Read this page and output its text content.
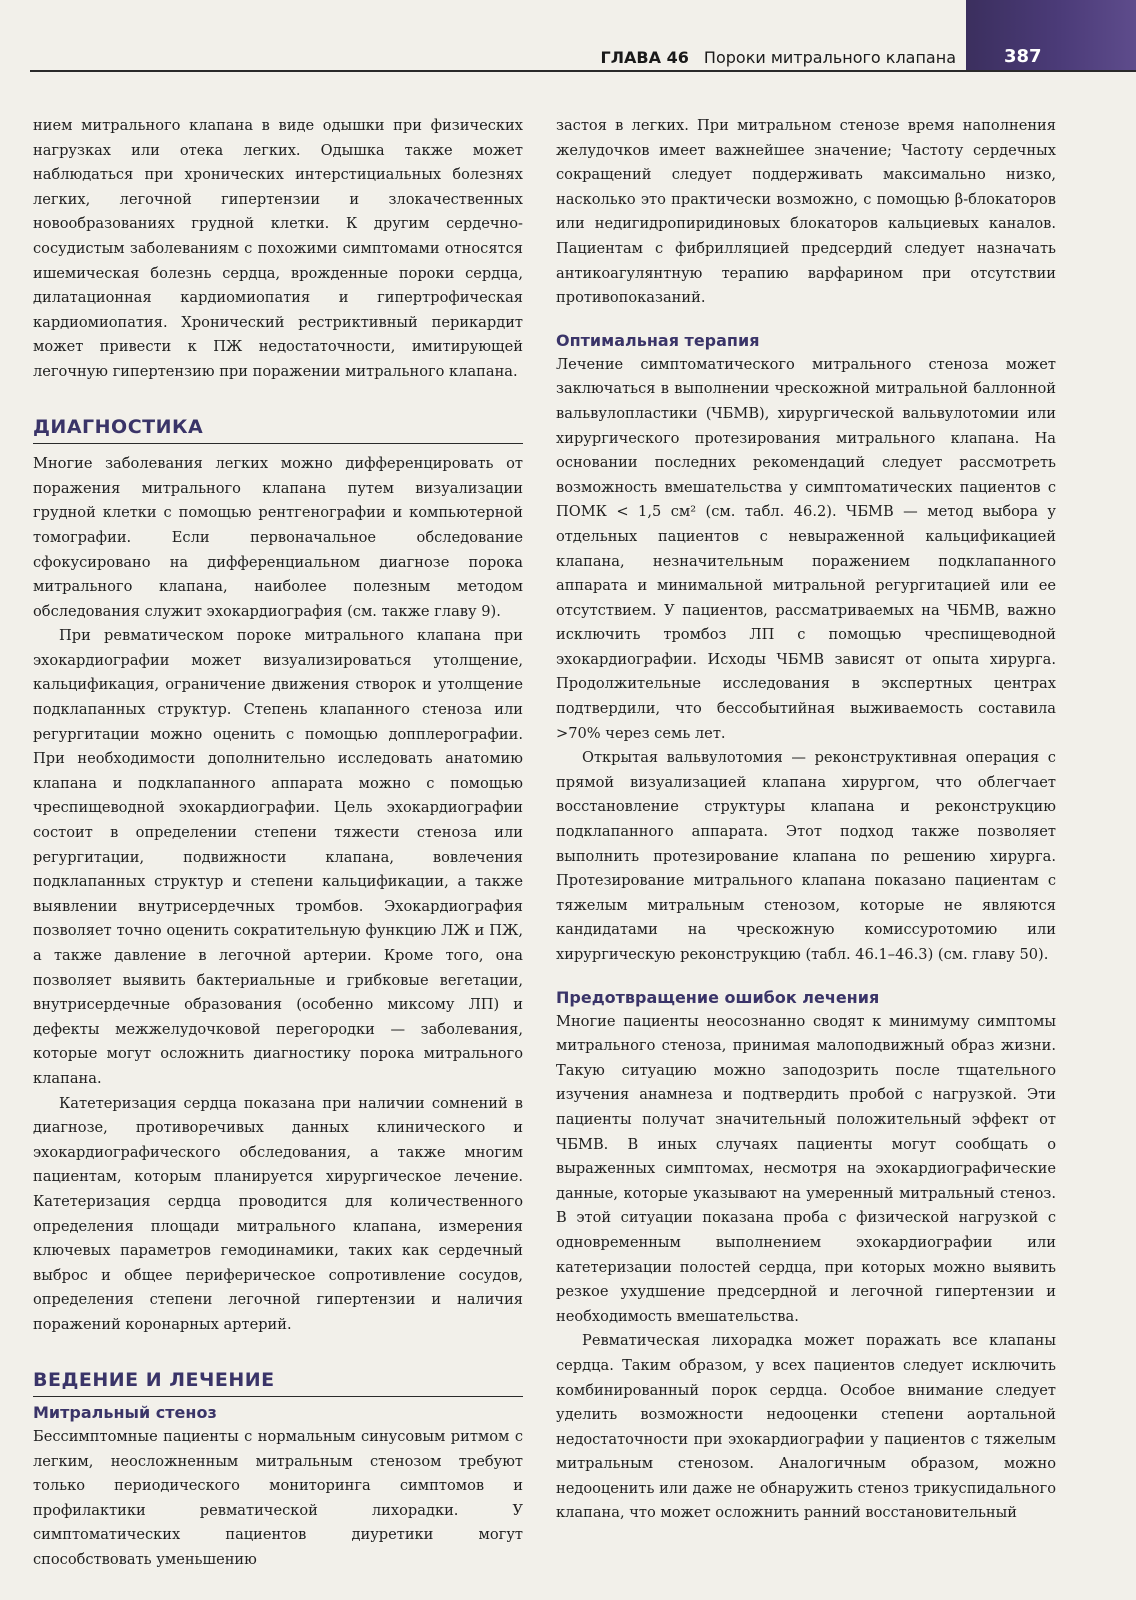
ГЛАВА 46 Пороки митрального клапана	387

нием митрального клапана в виде одышки при физических нагрузках или отека легких. Одышка также может наблюдаться при хронических интерстициальных болезнях легких, легочной гипертензии и злокачественных новообразованиях грудной клетки. К другим сердечно-сосудистым заболеваниям с похожими симптомами относятся ишемическая болезнь сердца, врожденные пороки сердца, дилатационная кардиомиопатия и гипертрофическая кардиомиопатия. Хронический рестриктивный перикардит может привести к ПЖ недостаточности, имитирующей легочную гипертензию при поражении митрального клапана.

ДИАГНОСТИКА

Многие заболевания легких можно дифференцировать от поражения митрального клапана путем визуализации грудной клетки с помощью рентгенографии и компьютерной томографии. Если первоначальное обследование сфокусировано на дифференциальном диагнозе порока митрального клапана, наиболее полезным методом обследования служит эхокардиография (см. также главу 9).

При ревматическом пороке митрального клапана при эхокардиографии может визуализироваться утолщение, кальцификация, ограничение движения створок и утолщение подклапанных структур. Степень клапанного стеноза или регургитации можно оценить с помощью допплерографии. При необходимости дополнительно исследовать анатомию клапана и подклапанного аппарата можно с помощью чреспищеводной эхокардиографии. Цель эхокардиографии состоит в определении степени тяжести стеноза или регургитации, подвижности клапана, вовлечения подклапанных структур и степени кальцификации, а также выявлении внутрисердечных тромбов. Эхокардиография позволяет точно оценить сократительную функцию ЛЖ и ПЖ, а также давление в легочной артерии. Кроме того, она позволяет выявить бактериальные и грибковые вегетации, внутрисердечные образования (особенно миксому ЛП) и дефекты межжелудочковой перегородки — заболевания, которые могут осложнить диагностику порока митрального клапана.

Катетеризация сердца показана при наличии сомнений в диагнозе, противоречивых данных клинического и эхокардиографического обследования, а также многим пациентам, которым планируется хирургическое лечение. Катетеризация сердца проводится для количественного определения площади митрального клапана, измерения ключевых параметров гемодинамики, таких как сердечный выброс и общее периферическое сопротивление сосудов, определения степени легочной гипертензии и наличия поражений коронарных артерий.

ВЕДЕНИЕ И ЛЕЧЕНИЕ
Митральный стеноз

Бессимптомные пациенты с нормальным синусовым ритмом с легким, неосложненным митральным стенозом требуют только периодического мониторинга симптомов и профилактики ревматической лихорадки. У симптоматических пациентов диуретики могут способствовать уменьшению

застоя в легких. При митральном стенозе время наполнения желудочков имеет важнейшее значение; Частоту сердечных сокращений следует поддерживать максимально низко, насколько это практически возможно, с помощью β-блокаторов или недигидропиридиновых блокаторов кальциевых каналов. Пациентам с фибрилляцией предсердий следует назначать антикоагулянтную терапию варфарином при отсутствии противопоказаний.

Оптимальная терапия

Лечение симптоматического митрального стеноза может заключаться в выполнении чрескожной митральной баллонной вальвулопластики (ЧБМВ), хирургической вальвулотомии или хирургического протезирования митрального клапана. На основании последних рекомендаций следует рассмотреть возможность вмешательства у симптоматических пациентов с ПОМК < 1,5 см² (см. табл. 46.2). ЧБМВ — метод выбора у отдельных пациентов с невыраженной кальцификацией клапана, незначительным поражением подклапанного аппарата и минимальной митральной регургитацией или ее отсутствием. У пациентов, рассматриваемых на ЧБМВ, важно исключить тромбоз ЛП с помощью чреспищеводной эхокардиографии. Исходы ЧБМВ зависят от опыта хирурга. Продолжительные исследования в экспертных центрах подтвердили, что бессобытийная выживаемость составила >70% через семь лет.

Открытая вальвулотомия — реконструктивная операция с прямой визуализацией клапана хирургом, что облегчает восстановление структуры клапана и реконструкцию подклапанного аппарата. Этот подход также позволяет выполнить протезирование клапана по решению хирурга. Протезирование митрального клапана показано пациентам с тяжелым митральным стенозом, которые не являются кандидатами на чрескожную комиссуротомию или хирургическую реконструкцию (табл. 46.1–46.3) (см. главу 50).

Предотвращение ошибок лечения

Многие пациенты неосознанно сводят к минимуму симптомы митрального стеноза, принимая малоподвижный образ жизни. Такую ситуацию можно заподозрить после тщательного изучения анамнеза и подтвердить пробой с нагрузкой. Эти пациенты получат значительный положительный эффект от ЧБМВ. В иных случаях пациенты могут сообщать о выраженных симптомах, несмотря на эхокардиографические данные, которые указывают на умеренный митральный стеноз. В этой ситуации показана проба с физической нагрузкой с одновременным выполнением эхокардиографии или катетеризации полостей сердца, при которых можно выявить резкое ухудшение предсердной и легочной гипертензии и необходимость вмешательства.

Ревматическая лихорадка может поражать все клапаны сердца. Таким образом, у всех пациентов следует исключить комбинированный порок сердца. Особое внимание следует уделить возможности недооценки степени аортальной недостаточности при эхокардиографии у пациентов с тяжелым митральным стенозом. Аналогичным образом, можно недооценить или даже не обнаружить стеноз трикуспидального клапана, что может осложнить ранний восстановительный
